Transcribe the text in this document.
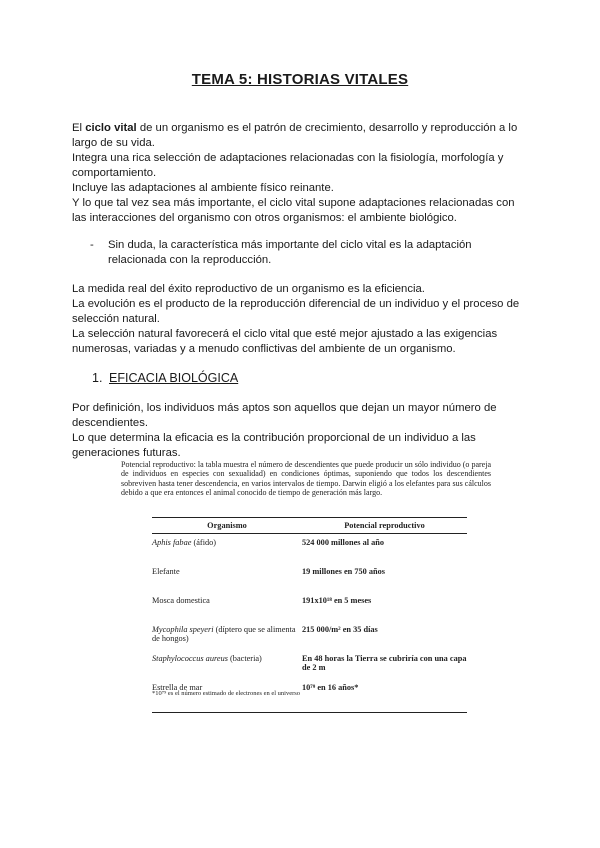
TEMA 5: HISTORIAS VITALES

El ciclo vital de un organismo es el patrón de crecimiento, desarrollo y reproducción a lo largo de su vida.

Integra una rica selección de adaptaciones relacionadas con la fisiología, morfología y comportamiento.

Incluye las adaptaciones al ambiente físico reinante.

Y lo que tal vez sea más importante, el ciclo vital supone adaptaciones relacionadas con las interacciones del organismo con otros organismos: el ambiente biológico.

- Sin duda, la característica más importante del ciclo vital es la adaptación relacionada con la reproducción.

La medida real del éxito reproductivo de un organismo es la eficiencia.

La evolución es el producto de la reproducción diferencial de un individuo y el proceso de selección natural.

La selección natural favorecerá el ciclo vital que esté mejor ajustado a las exigencias numerosas, variadas y a menudo conflictivas del ambiente de un organismo.

1. EFICACIA BIOLÓGICA

Por definición, los individuos más aptos son aquellos que dejan un mayor número de descendientes.

Lo que determina la eficacia es la contribución proporcional de un individuo a las generaciones futuras.

Potencial reproductivo: la tabla muestra el número de descendientes que puede producir un sólo individuo (o pareja de individuos en especies con sexualidad) en condiciones óptimas, suponiendo que todos los descendientes sobreviven hasta tener descendencia, en varios intervalos de tiempo. Darwin eligió a los elefantes para sus cálculos debido a que era entonces el animal conocido de tiempo de generación más largo.

Organismo	Potencial reproductivo
Aphis fabae (áfido)	524 000 millones al año
Elefante	19 millones en 750 años
Mosca domestica	191x10¹⁸ en 5 meses
Mycophila speyeri (díptero que se alimenta de hongos)	215 000/m² en 35 días
Staphylococcus aureus (bacteria)	En 48 horas la Tierra se cubriría con una capa de 2 m
Estrella de mar	10⁷⁹ en 16 años*
*10⁷⁹ es el número estimado de electrones en el universo
